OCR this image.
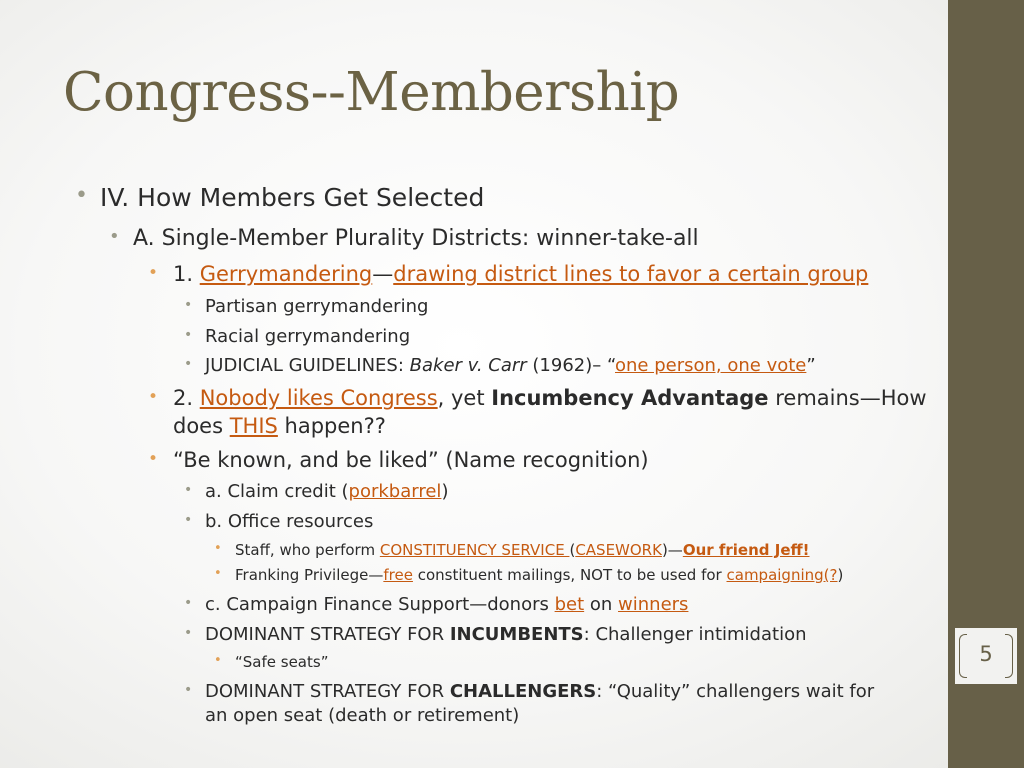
5
Congress--Membership
• IV. How Members Get Selected
• A. Single-Member Plurality Districts: winner-take-all
• 1. Gerrymandering—drawing district lines to favor a certain group
• Partisan gerrymandering
• Racial gerrymandering
• JUDICIAL GUIDELINES: Baker v. Carr (1962)– “one person, one vote”
• 2. Nobody likes Congress, yet Incumbency Advantage remains—How
does THIS happen??
• “Be known, and be liked” (Name recognition)
• a. Claim credit (porkbarrel)
• b. Office resources
• Staff, who perform CONSTITUENCY SERVICE (CASEWORK)—Our friend Jeff!
• Franking Privilege—free constituent mailings, NOT to be used for campaigning(?)
• c. Campaign Finance Support—donors bet on winners
• DOMINANT STRATEGY FOR INCUMBENTS: Challenger intimidation
• “Safe seats”
• DOMINANT STRATEGY FOR CHALLENGERS: “Quality” challengers wait for
an open seat (death or retirement)
